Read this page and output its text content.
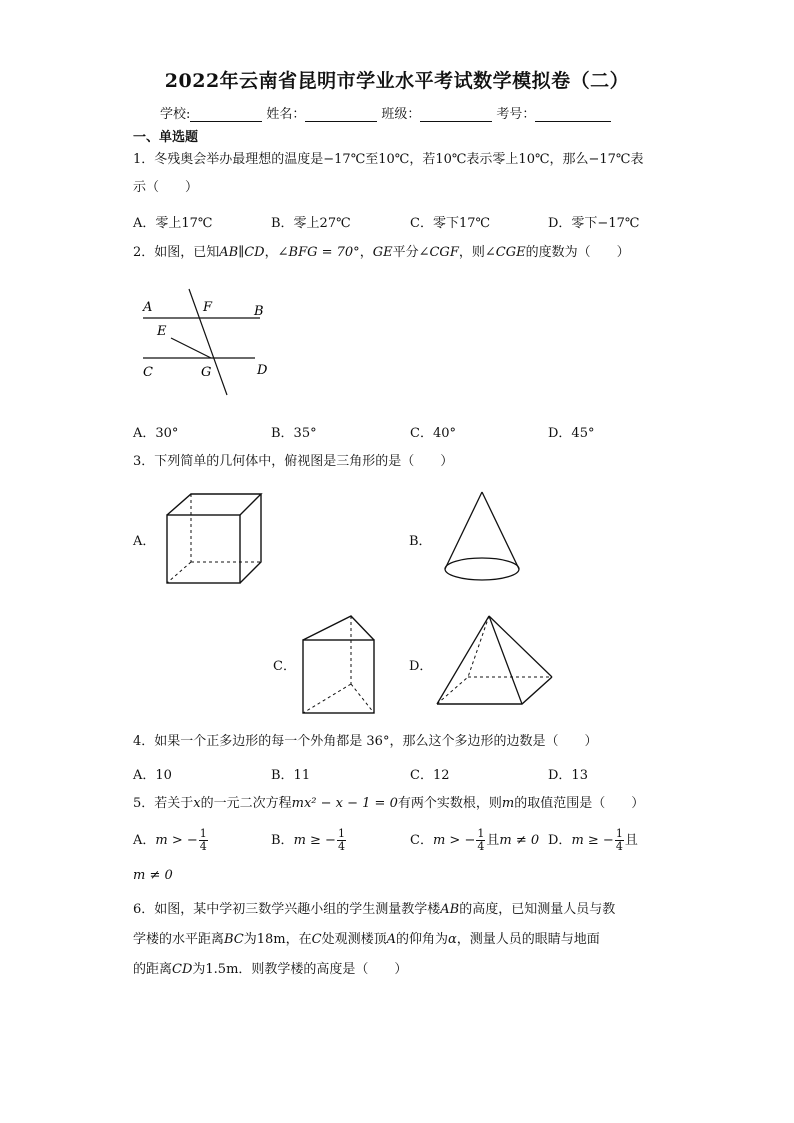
2022年云南省昆明市学业水平考试数学模拟卷（二）
学校:	姓名：	班级：	考号：
一、单选题
1．冬残奥会举办最理想的温度是−17℃至10℃，若10℃表示零上10℃，那么−17℃表
示（　　）
A．零上17℃	B．零上27℃	C．零下17℃	D．零下−17℃
2．如图，已知AB∥CD，∠BFG = 70°，GE平分∠CGF，则∠CGE的度数为（　　）
A	F	B
E
C	G	D
A．30°	B．35°	C．40°	D．45°
3．下列简单的几何体中，俯视图是三角形的是（　　）
A．	B．
C．	D．
4．如果一个正多边形的每一个外角都是 36°，那么这个多边形的边数是（　　）
A．10	B．11	C．12	D．13
5．若关于x的一元二次方程mx² − x − 1 = 0有两个实数根，则m的取值范围是（　　）
A．m > − $\frac{1}{4}$	B．m ≥ − $\frac{1}{4}$	C．m > − $\frac{1}{4}$ 且m ≠ 0 D．m ≥ − $\frac{1}{4}$ 且
m ≠ 0
6．如图，某中学初三数学兴趣小组的学生测量教学楼AB的高度，已知测量人员与教
学楼的水平距离BC为18m，在C处观测楼顶A的仰角为α，测量人员的眼睛与地面
的距离CD为1.5m．则教学楼的高度是（　　）
